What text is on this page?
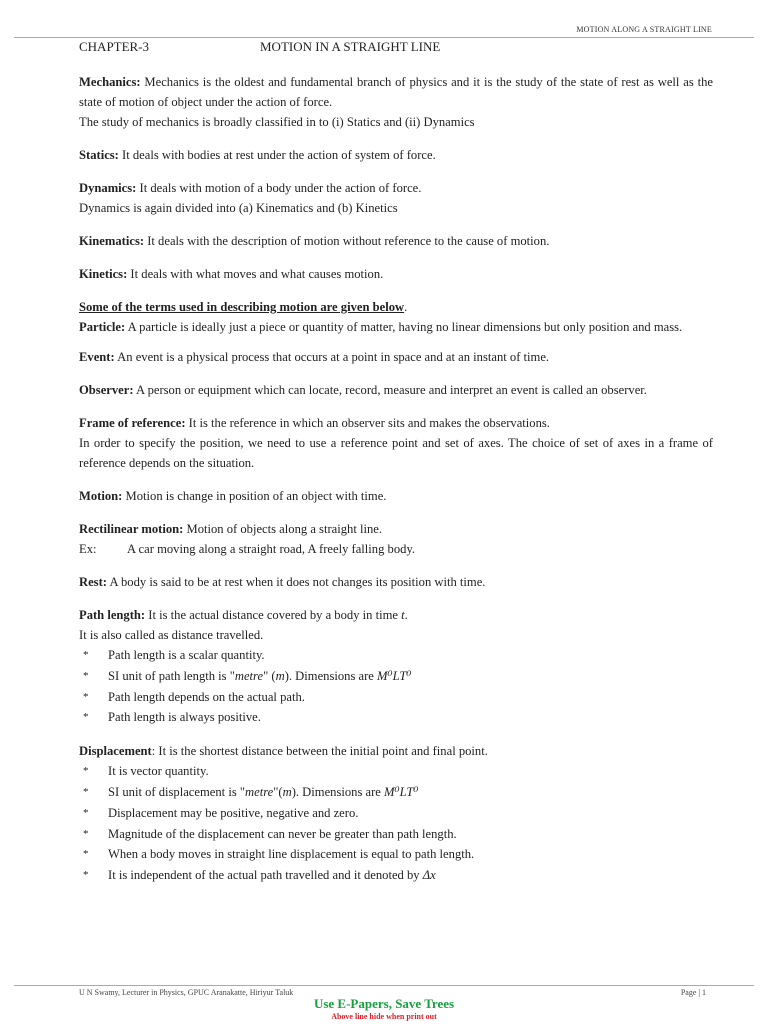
MOTION ALONG A STRAIGHT LINE
CHAPTER-3	MOTION IN A STRAIGHT LINE

Mechanics: Mechanics is the oldest and fundamental branch of physics and it is the study of the state of rest as well as the state of motion of object under the action of force.

The study of mechanics is broadly classified in to (i) Statics and (ii) Dynamics

Statics: It deals with bodies at rest under the action of system of force.

Dynamics: It deals with motion of a body under the action of force.

Dynamics is again divided into (a) Kinematics and (b) Kinetics

Kinematics: It deals with the description of motion without reference to the cause of motion.

Kinetics: It deals with what moves and what causes motion.

Some of the terms used in describing motion are given below.

Particle: A particle is ideally just a piece or quantity of matter, having no linear dimensions but only position and mass.

Event: An event is a physical process that occurs at a point in space and at an instant of time.

Observer: A person or equipment which can locate, record, measure and interpret an event is called an observer.

Frame of reference: It is the reference in which an observer sits and makes the observations.

In order to specify the position, we need to use a reference point and set of axes. The choice of set of axes in a frame of reference depends on the situation.

Motion: Motion is change in position of an object with time.

Rectilinear motion: Motion of objects along a straight line.

Ex: A car moving along a straight road, A freely falling body.

Rest: A body is said to be at rest when it does not changes its position with time.

Path length: It is the actual distance covered by a body in time t.

It is also called as distance travelled.

* Path length is a scalar quantity.
* SI unit of path length is "metre" (m). Dimensions are M⁰LT⁰
* Path length depends on the actual path.
* Path length is always positive.

Displacement: It is the shortest distance between the initial point and final point.

* It is vector quantity.
* SI unit of displacement is "metre"(m). Dimensions are M⁰LT⁰
* Displacement may be positive, negative and zero.
* Magnitude of the displacement can never be greater than path length.
* When a body moves in straight line displacement is equal to path length.
* It is independent of the actual path travelled and it denoted by Δx
U N Swamy, Lecturer in Physics, GPUC Aranakatte, Hiriyur Taluk	Page | 1
Use E-Papers, Save Trees
Above line hide when print out
